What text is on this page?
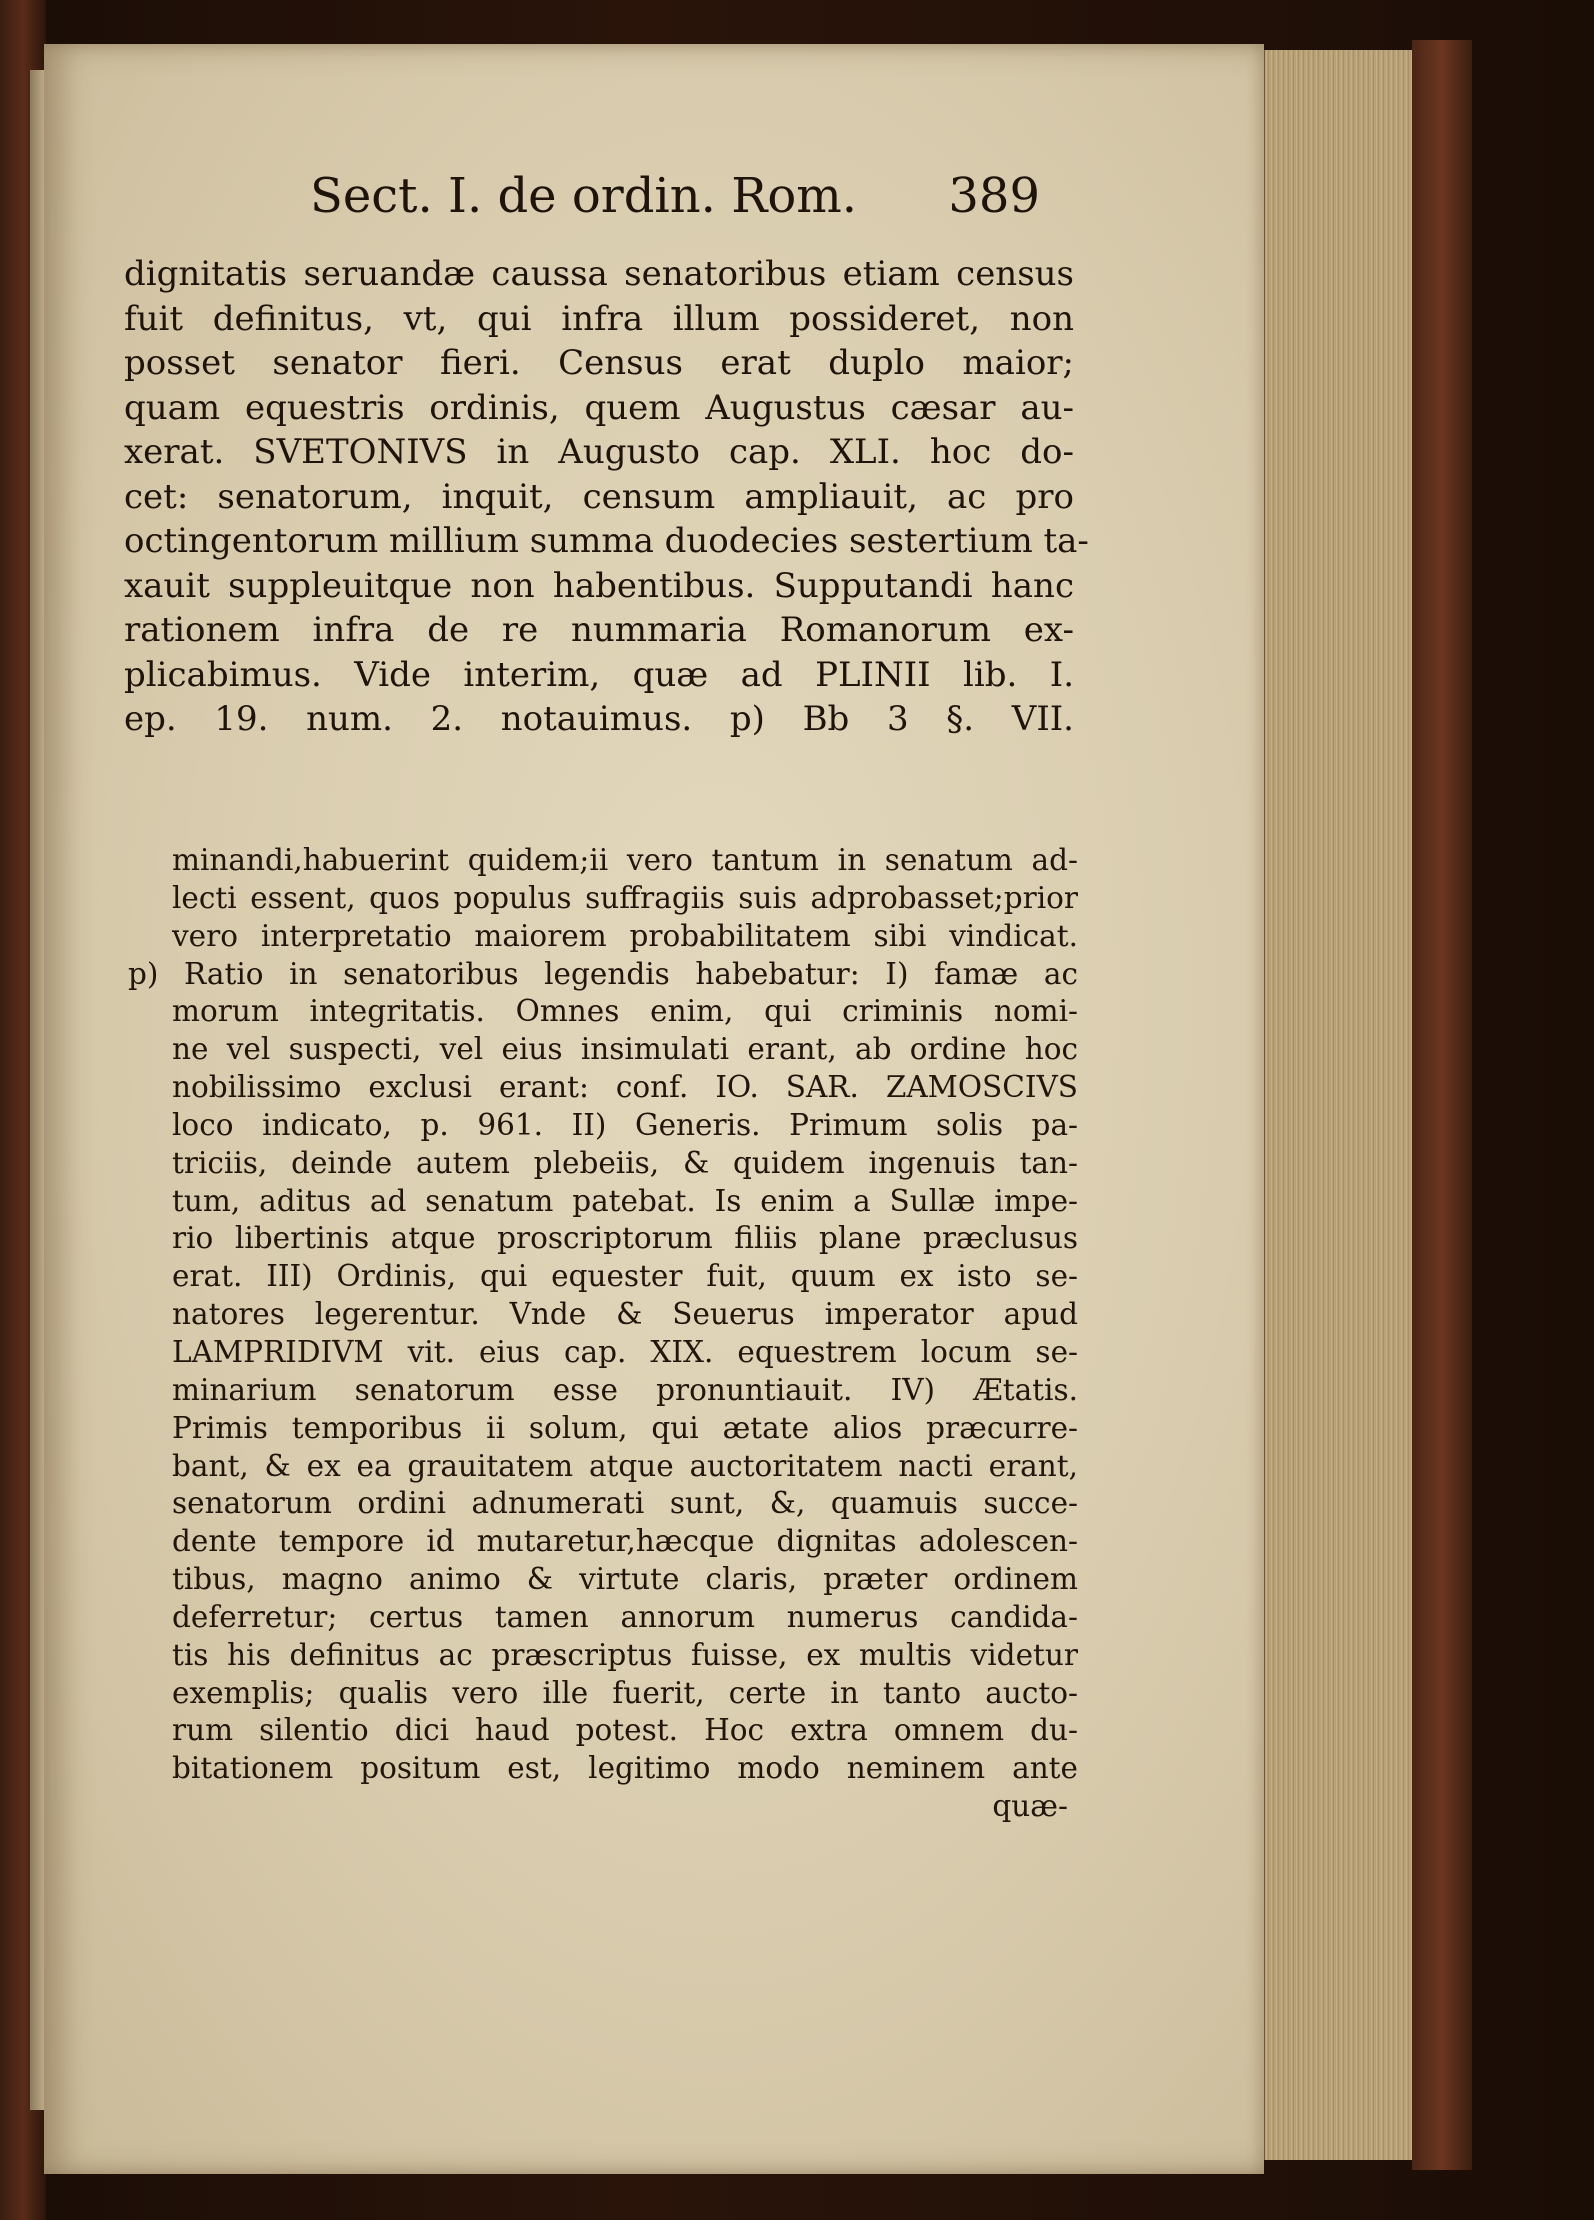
Sect. I. de ordin. Rom. 389
dignitatis seruandæ caussa senatoribus etiam census
fuit definitus, vt, qui infra illum possideret, non
posset senator fieri. Census erat duplo maior;
quam equestris ordinis, quem Augustus cæsar au-
xerat. SVETONIVS in Augusto cap. XLI. hoc do-
cet: senatorum, inquit, censum ampliauit, ac pro
octingentorum millium summa duodecies sestertium ta-
xauit suppleuitque non habentibus. Supputandi hanc
rationem infra de re nummaria Romanorum ex-
plicabimus. Vide interim, quæ ad PLINII lib. I.
ep. 19. num. 2. notauimus. p) Bb 3 §. VII.
minandi,habuerint quidem;ii vero tantum in senatum ad-
lecti essent, quos populus suffragiis suis adprobasset;prior
vero interpretatio maiorem probabilitatem sibi vindicat.
p) Ratio in senatoribus legendis habebatur: I) famæ ac
morum integritatis. Omnes enim, qui criminis nomi-
ne vel suspecti, vel eius insimulati erant, ab ordine hoc
nobilissimo exclusi erant: conf. IO. SAR. ZAMOSCIVS
loco indicato, p. 961. II) Generis. Primum solis pa-
triciis, deinde autem plebeiis, & quidem ingenuis tan-
tum, aditus ad senatum patebat. Is enim a Sullæ impe-
rio libertinis atque proscriptorum filiis plane præclusus
erat. III) Ordinis, qui equester fuit, quum ex isto se-
natores legerentur. Vnde & Seuerus imperator apud
LAMPRIDIVM vit. eius cap. XIX. equestrem locum se-
minarium senatorum esse pronuntiauit. IV) Ætatis.
Primis temporibus ii solum, qui ætate alios præcurre-
bant, & ex ea grauitatem atque auctoritatem nacti erant,
senatorum ordini adnumerati sunt, &, quamuis succe-
dente tempore id mutaretur,hæcque dignitas adolescen-
tibus, magno animo & virtute claris, præter ordinem
deferretur; certus tamen annorum numerus candida-
tis his definitus ac præscriptus fuisse, ex multis videtur
exemplis; qualis vero ille fuerit, certe in tanto aucto-
rum silentio dici haud potest. Hoc extra omnem du-
bitationem positum est, legitimo modo neminem ante
quæ-
